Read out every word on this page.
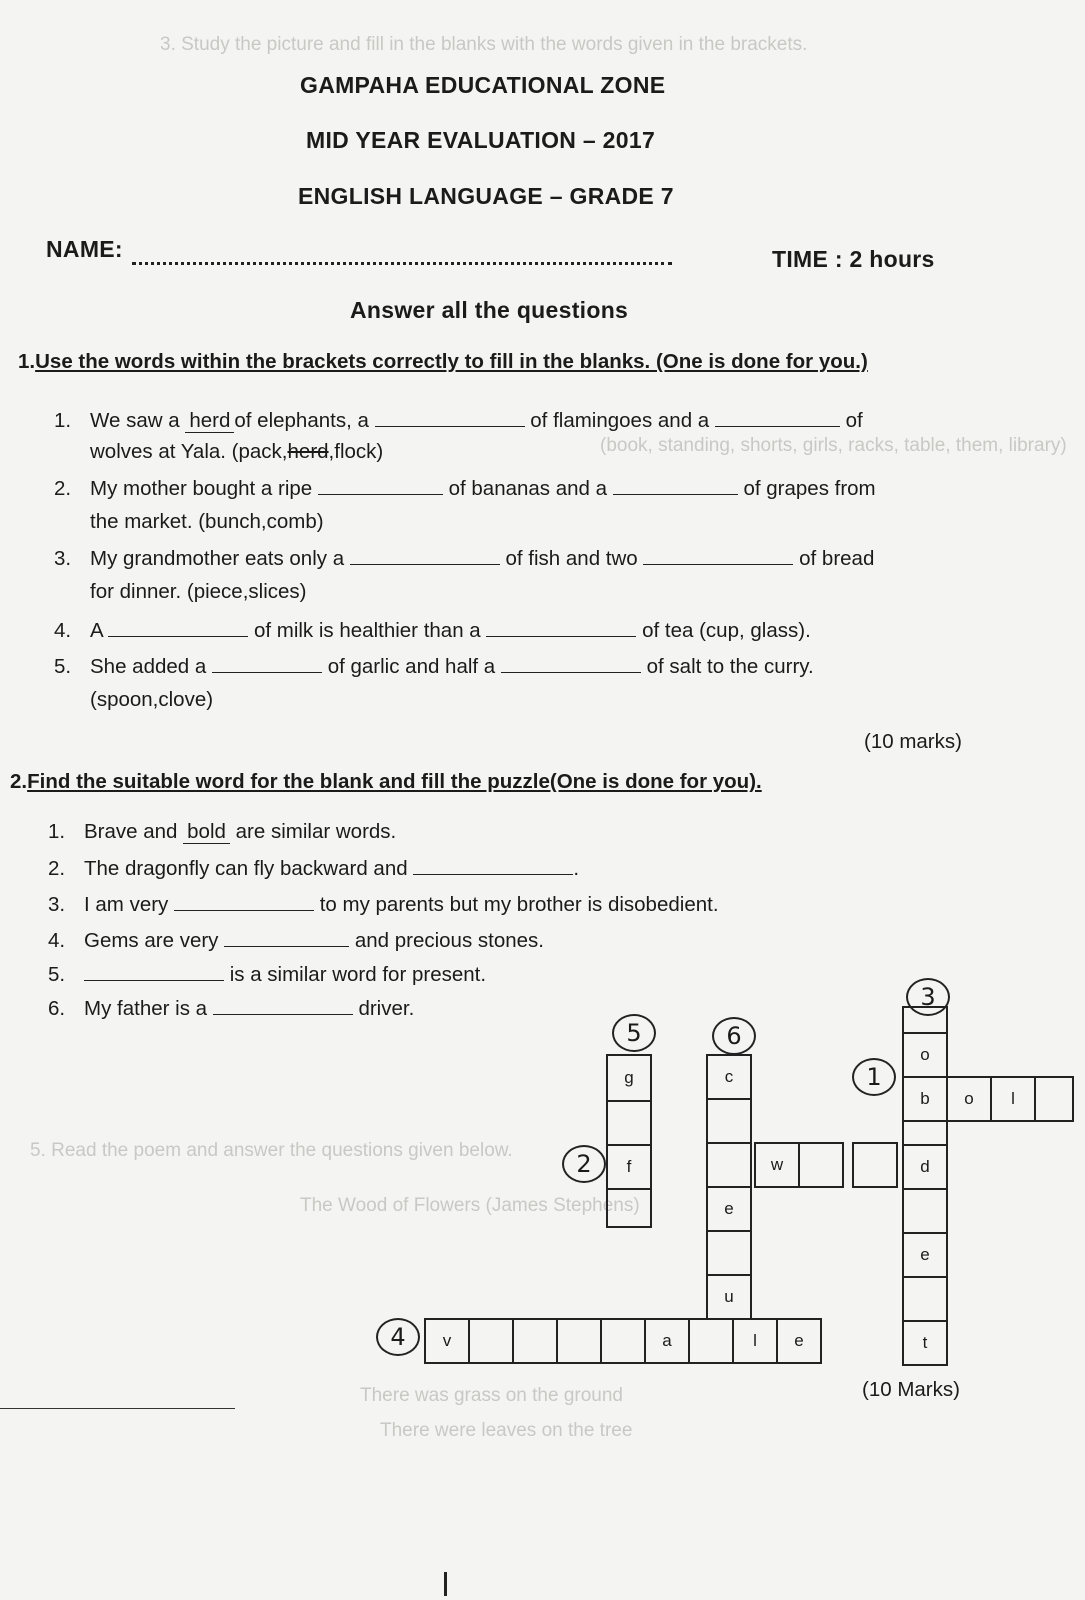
3. Study the picture and fill in the blanks with the words given in the brackets.
(book, standing, shorts, girls, racks, table, them, library)
5. Read the poem and answer the questions given below.
The Wood of Flowers (James Stephens)
There was grass on the ground
There were leaves on the tree
GAMPAHA EDUCATIONAL ZONE
MID YEAR EVALUATION – 2017
ENGLISH LANGUAGE – GRADE 7
NAME:	TIME : 2 hours
Answer all the questions
1.Use the words within the brackets correctly to fill in the blanks. (One is done for you.)
1. We saw a herd of elephants, a	of flamingoes and a	of
wolves at Yala. (pack,herd,flock)
2. My mother bought a ripe	of bananas and a	of grapes from
the market. (bunch,comb)
3. My grandmother eats only a	of fish and two	of bread
for dinner. (piece,slices)
4. A	of milk is healthier than a	of tea (cup, glass).
5. She added a	of garlic and half a	of salt to the curry.
(spoon,clove)
(10 marks)
2.Find the suitable word for the blank and fill the puzzle(One is done for you).
1. Brave and bold are similar words.
2. The dragonfly can fly backward and	.
3. I am very	to my parents but my brother is disobedient.
4. Gems are very	and precious stones.
5.	is a similar word for present.
6. My father is a	driver.
5	6
3
1
2
4
g
f
c
e
u
w
o
b
d
e
t
o	l
v	a	l	e
(10 Marks)
